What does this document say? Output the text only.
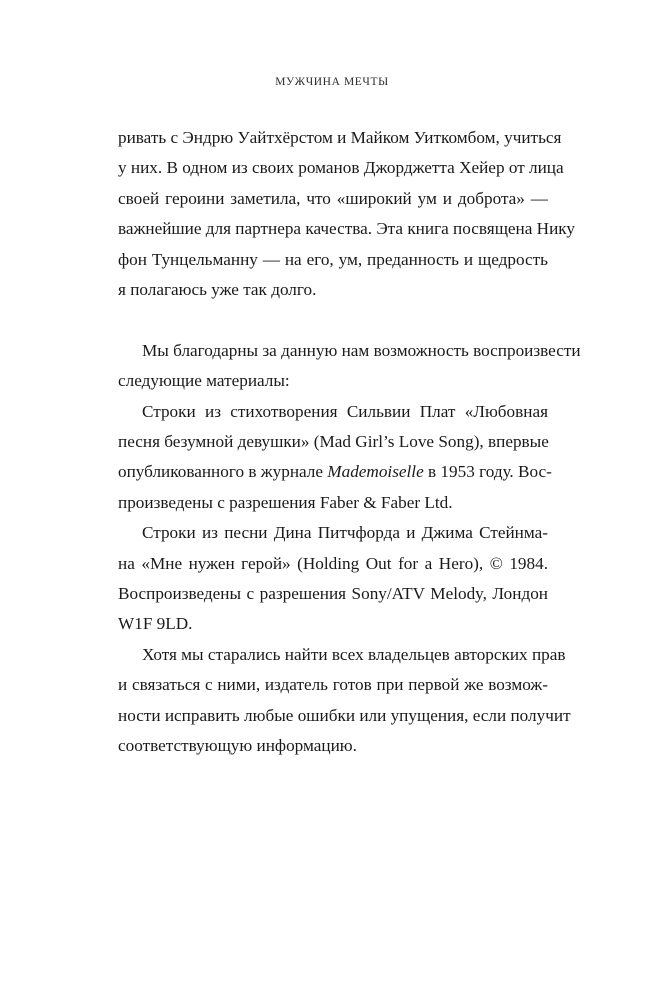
МУЖЧИНА МЕЧТЫ
ривать с Эндрю Уайтхёрстом и Майком Уиткомбом, учиться
у них. В одном из своих романов Джорджетта Хейер от лица
своей героини заметила, что «широкий ум и доброта» —
важнейшие для партнера качества. Эта книга посвящена Нику
фон Тунцельманну — на его, ум, преданность и щедрость
я полагаюсь уже так долго.
Мы благодарны за данную нам возможность воспроизвести
следующие материалы:
Строки из стихотворения Сильвии Плат «Любовная
песня безумной девушки» (Mad Girl’s Love Song), впервые
опубликованного в журнале Mademoiselle в 1953 году. Вос-
произведены с разрешения Faber & Faber Ltd.
Строки из песни Дина Питчфорда и Джима Стейнма-
на «Мне нужен герой» (Holding Out for a Hero), © 1984.
Воспроизведены с разрешения Sony/ATV Melody, Лондон
W1F 9LD.
Хотя мы старались найти всех владельцев авторских прав
и связаться с ними, издатель готов при первой же возмож-
ности исправить любые ошибки или упущения, если получит
соответствующую информацию.
